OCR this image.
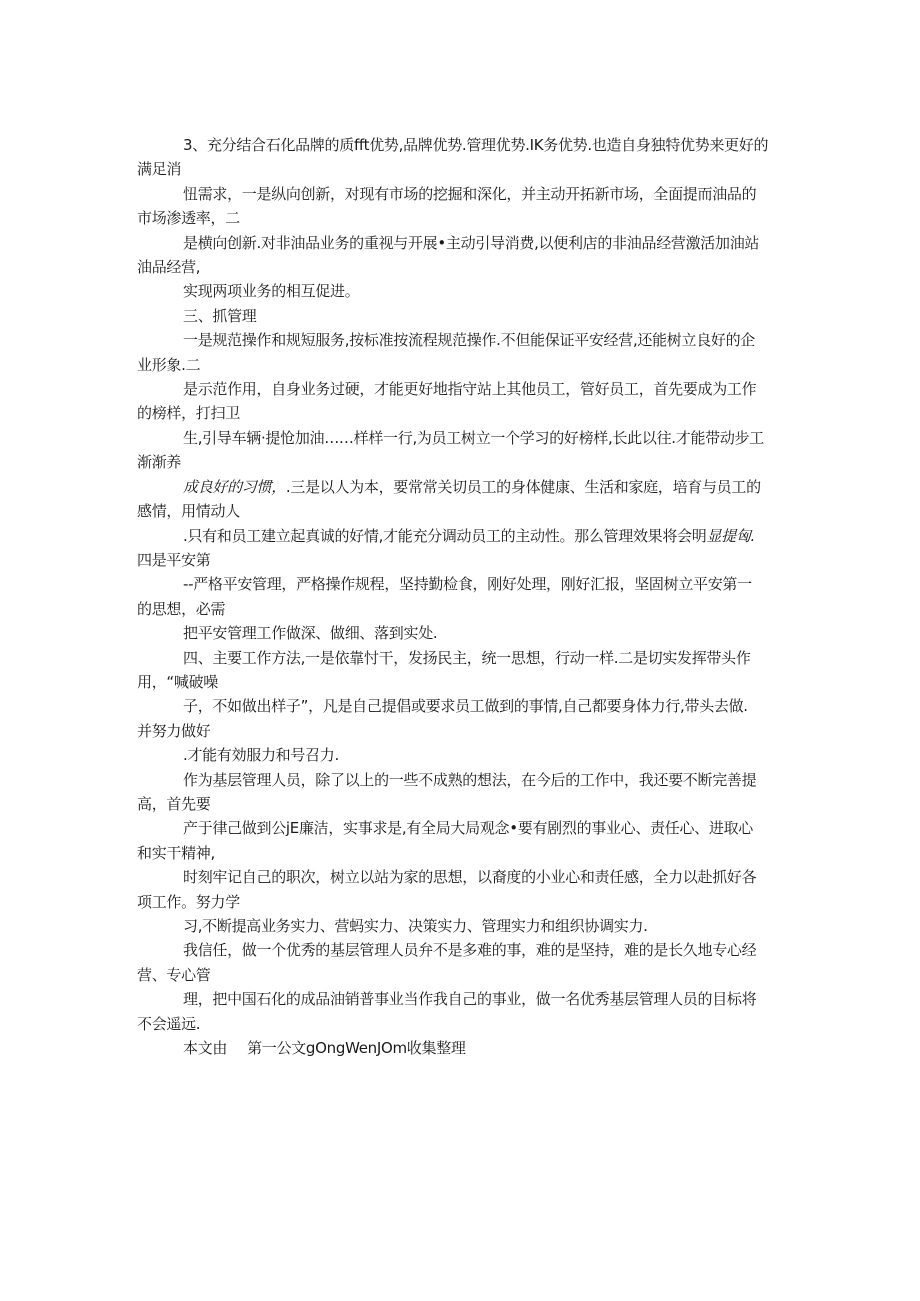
3、充分结合石化品牌的质fft优势,品牌优势.管理优势.IK务优势.也造自身独特优势来更好的
满足消
忸需求，一是纵向创新，对现有市场的挖掘和深化，并主动开拓新市场，全面提而油品的
市场渗透率，二
是横向创新.对非油品业务的重视与开展•主动引导消费,以便利店的非油品经营激活加油站
油品经营,
实现两项业务的相互促进。
三、抓管理
一是规范操作和规短服务,按标准按流程规范操作.不但能保证平安经营,还能树立良好的企
业形象.二
是示范作用，自身业务过硬，才能更好地指守站上其他员工，管好员工，首先要成为工作
的榜样，打扫卫
生,引导车辆·提怆加油……样样一行,为员工树立一个学习的好榜样,长此以往.才能带动步工
渐渐养
成良好的习惯，.三是以人为本，要常常关切员工的身体健康、生活和家庭，培育与员工的
感情，用情动人
.只有和员工建立起真诚的好情,才能充分调动员工的主动性。那么管理效果将会明显提匈.
四是平安第
--严格平安管理，严格操作规程，坚持勤检食，刚好处理，刚好汇报，坚固树立平安第一
的思想，必需
把平安管理工作做深、做细、落到实处.
四、主要工作方法,一是依靠忖干，发扬民主，统一思想，行动一样.二是切实发挥带头作
用，“喊破噪
子，不如做出样子”，凡是自己提倡或要求员工做到的事情,自己都要身体力行,带头去做.
并努力做好
.才能有効服力和号召力.
作为基层管理人员，除了以上的一些不成熟的想法，在今后的工作中，我还要不断完善提
高，首先要
产于律己做到公jE廉洁，实事求是,有全局大局观念•要有剧烈的事业心、责任心、进取心
和实干精神,
时刻牢记自己的职次，树立以站为家的思想，以裔度的小业心和责任感，全力以赴抓好各
项工作。努力学
习,不断提高业务实力、营蚂实力、决策实力、管理实力和组织协调实力.
我信任，做一个优秀的基层管理人员弁不是多难的事，难的是坚持，难的是长久地专心经
营、专心管
理，把中国石化的成品油销普事业当作我自己的事业，做一名优秀基层管理人员的目标将
不会遥远.
本文由 第一公文gOngWenJOm收集整理
